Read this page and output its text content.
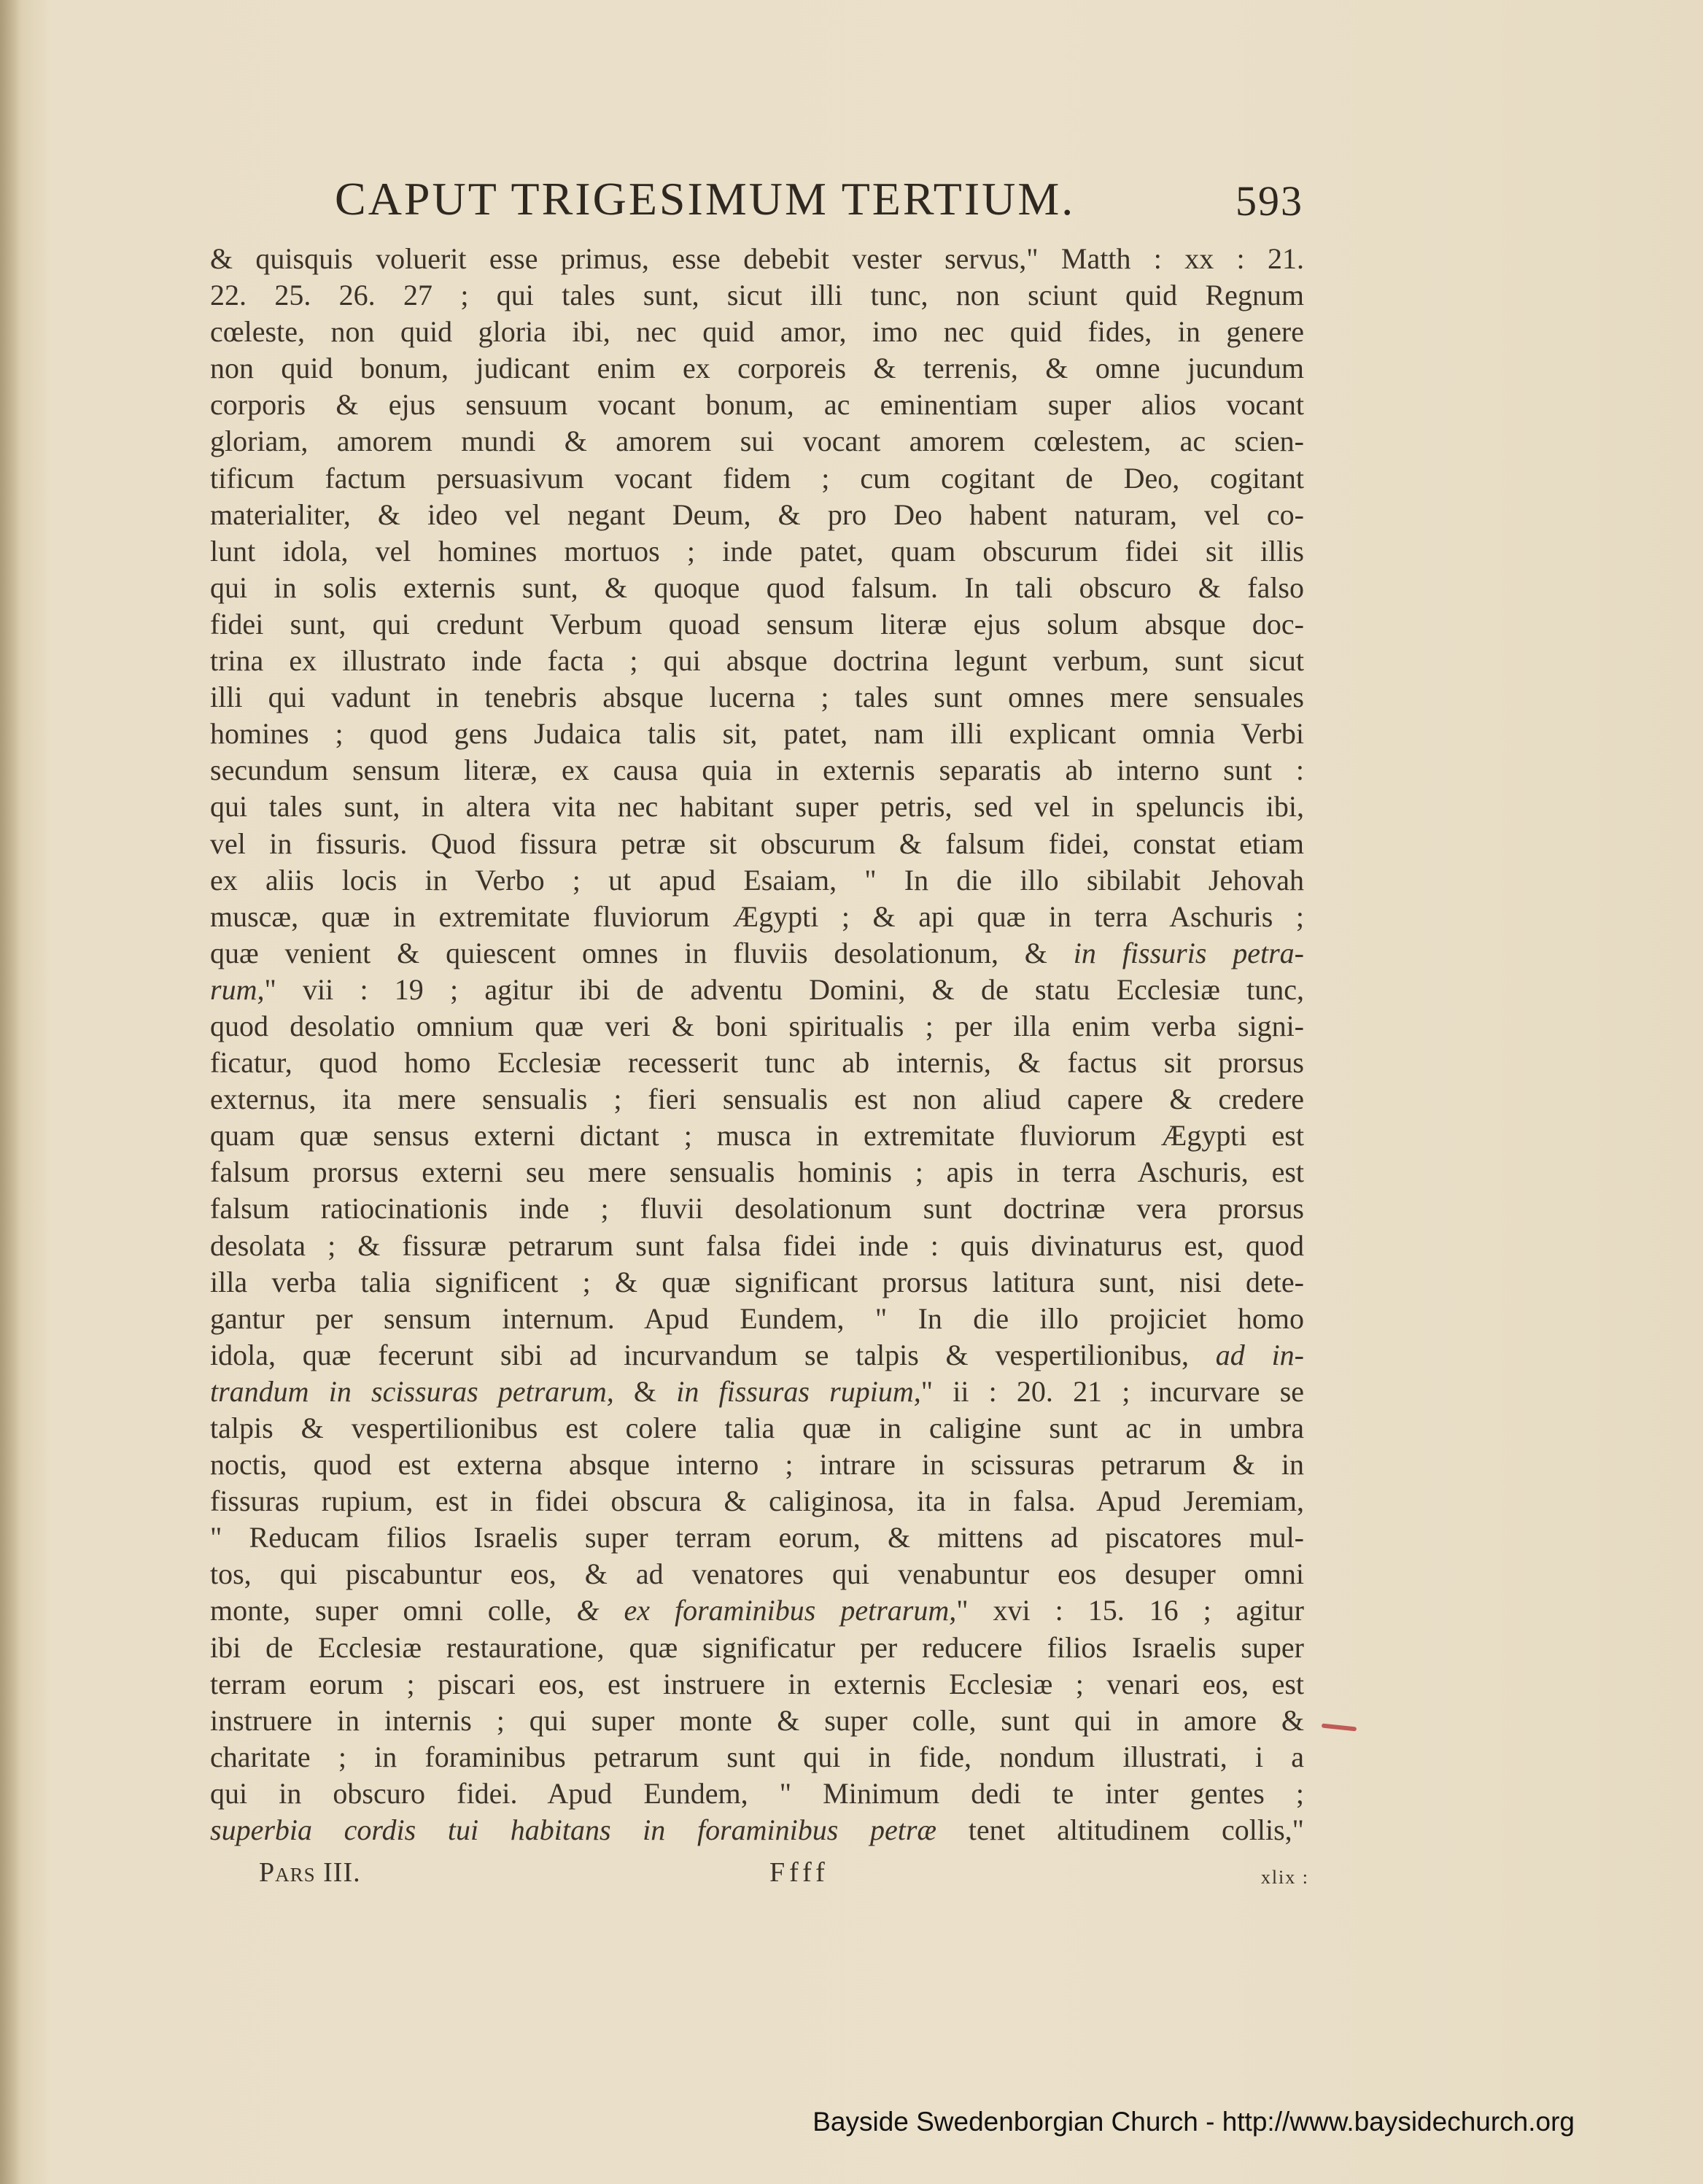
CAPUT TRIGESIMUM TERTIUM.	593
& quisquis voluerit esse primus, esse debebit vester servus," Matth : xx : 21.
22. 25. 26. 27 ; qui tales sunt, sicut illi tunc, non sciunt quid Regnum
cœleste, non quid gloria ibi, nec quid amor, imo nec quid fides, in genere
non quid bonum, judicant enim ex corporeis & terrenis, & omne jucundum
corporis & ejus sensuum vocant bonum, ac eminentiam super alios vocant
gloriam, amorem mundi & amorem sui vocant amorem cœlestem, ac scien-
tificum factum persuasivum vocant fidem ; cum cogitant de Deo, cogitant
materialiter, & ideo vel negant Deum, & pro Deo habent naturam, vel co-
lunt idola, vel homines mortuos ; inde patet, quam obscurum fidei sit illis
qui in solis externis sunt, & quoque quod falsum. In tali obscuro & falso
fidei sunt, qui credunt Verbum quoad sensum literæ ejus solum absque doc-
trina ex illustrato inde facta ; qui absque doctrina legunt verbum, sunt sicut
illi qui vadunt in tenebris absque lucerna ; tales sunt omnes mere sensuales
homines ; quod gens Judaica talis sit, patet, nam illi explicant omnia Verbi
secundum sensum literæ, ex causa quia in externis separatis ab interno sunt :
qui tales sunt, in altera vita nec habitant super petris, sed vel in speluncis ibi,
vel in fissuris. Quod fissura petræ sit obscurum & falsum fidei, constat etiam
ex aliis locis in Verbo ; ut apud Esaiam, " In die illo sibilabit Jehovah
muscæ, quæ in extremitate fluviorum Ægypti ; & api quæ in terra Aschuris ;
quæ venient & quiescent omnes in fluviis desolationum, & in fissuris petra-
rum," vii : 19 ; agitur ibi de adventu Domini, & de statu Ecclesiæ tunc,
quod desolatio omnium quæ veri & boni spiritualis ; per illa enim verba signi-
ficatur, quod homo Ecclesiæ recesserit tunc ab internis, & factus sit prorsus
externus, ita mere sensualis ; fieri sensualis est non aliud capere & credere
quam quæ sensus externi dictant ; musca in extremitate fluviorum Ægypti est
falsum prorsus externi seu mere sensualis hominis ; apis in terra Aschuris, est
falsum ratiocinationis inde ; fluvii desolationum sunt doctrinæ vera prorsus
desolata ; & fissuræ petrarum sunt falsa fidei inde : quis divinaturus est, quod
illa verba talia significent ; & quæ significant prorsus latitura sunt, nisi dete-
gantur per sensum internum. Apud Eundem, " In die illo projiciet homo
idola, quæ fecerunt sibi ad incurvandum se talpis & vespertilionibus, ad in-
trandum in scissuras petrarum, & in fissuras rupium," ii : 20. 21 ; incurvare se
talpis & vespertilionibus est colere talia quæ in caligine sunt ac in umbra
noctis, quod est externa absque interno ; intrare in scissuras petrarum & in
fissuras rupium, est in fidei obscura & caliginosa, ita in falsa. Apud Jeremiam,
" Reducam filios Israelis super terram eorum, & mittens ad piscatores mul-
tos, qui piscabuntur eos, & ad venatores qui venabuntur eos desuper omni
monte, super omni colle, & ex foraminibus petrarum," xvi : 15. 16 ; agitur
ibi de Ecclesiæ restauratione, quæ significatur per reducere filios Israelis super
terram eorum ; piscari eos, est instruere in externis Ecclesiæ ; venari eos, est
instruere in internis ; qui super monte & super colle, sunt qui in amore &
charitate ; in foraminibus petrarum sunt qui in fide, nondum illustrati, i a
qui in obscuro fidei. Apud Eundem, " Minimum dedi te inter gentes ;
superbia cordis tui habitans in foraminibus petræ tenet altitudinem collis,"
Pars III.	Ffff	xlix :
Bayside Swedenborgian Church - http://www.baysidechurch.org
